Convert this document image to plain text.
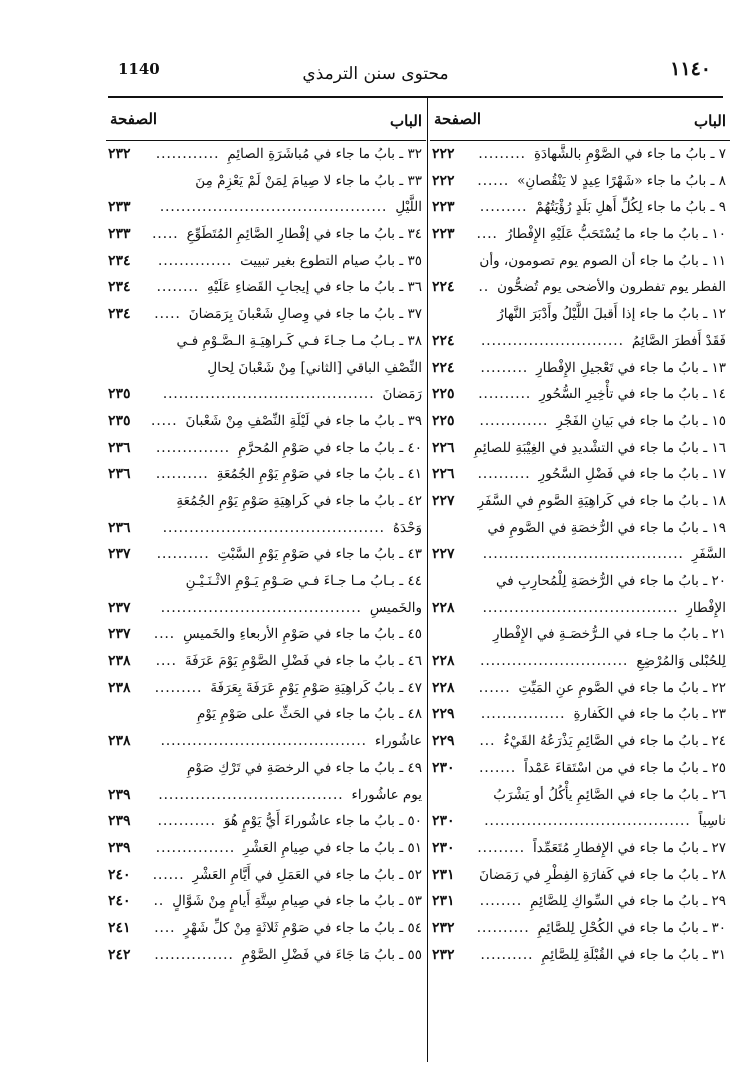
1140	محتوى سنن الترمذي	١١٤٠
الباب
الصفحة
٧ ـ بابُ ما جاء في الصَّوْمِ بالشَّهادَةِ
٢٢٢	.........
٨ ـ بابُ ما جاء «شَهْرًا عِيدٍ لا يَنْقُصانِ»
٢٢٢ ......
٩ ـ بابُ ما جاء لِكُلِّ أَهلِ بَلَدٍ رُؤْيَتُهُمْ
٢٢٣	.........
١٠ ـ بابُ ما جاء ما يُسْتَحَبُّ عَلَيْهِ الإِفْطارُ
٢٢٣ ....
١١ ـ بابُ ما جاء أن الصوم يوم تصومون، وأن
الفطر يوم تفطرون والأضحى يوم تُضحُّون
٢٢٤	..
١٢ ـ بابُ ما جاء إذا أَقبلَ اللَّيْلُ وأَدْبَرَ النَّهارُ
فَقَدْ أَفطرَ الصَّائِمُ
٢٢٤	...........................
١٣ ـ بابُ ما جاء في تَعْجيلِ الإِفْطارِ
٢٢٤	.........
١٤ ـ بابُ ما جاء في تأْخِيرِ السُّحُورِ
٢٢٥	..........
١٥ ـ بابُ ما جاء في بَيانِ الفَجْرِ
٢٢٥	.............
١٦ ـ بابُ ما جاء في التشْديدِ في الغِيْبَةِ للصائِمِ
٢٢٦
١٧ ـ بابُ ما جاء في فَضْلِ السَّحُورِ
٢٢٦ ..........
١٨ ـ بابُ ما جاء في كَراهِيَةِ الصَّومِ في السَّفَرِ
٢٢٧
١٩ ـ بابُ ما جاء في الرُّخصَةِ في الصَّومِ في
السَّفَرِ
٢٢٧	......................................
٢٠ ـ بابُ ما جاء في الرُّخصَةِ لِلْمُحارِبِ في
الإِفْطارِ
٢٢٨	.....................................
٢١ ـ بابُ ما جـاء في الـرُّخصَـةِ في الإِفْطارِ
لِلحُبْلى وَالمُرْضِعِ
٢٢٨	............................
٢٢ ـ بابُ ما جاء في الصَّومِ عنِ المَيِّتِ
٢٢٨	......
٢٣ ـ بابُ ما جاء في الكَفارةِ
٢٢٩	................
٢٤ ـ بابُ ما جاء في الصَّائِمِ يَذْرَعُهُ القَيْءُ
٢٢٩	...
٢٥ ـ بابُ ما جاء في من اسْتَقاءَ عَمْداً
٢٣٠	.......
٢٦ ـ بابُ ما جاء في الصَّائِمِ يأْكُلُ أو يَشْرَبُ
ناسِياً
٢٣٠	.......................................
٢٧ ـ بابُ ما جاء في الإِفطارِ مُتَعَمِّداً
٢٣٠ .........
٢٨ ـ بابُ ما جاء في كَفارَةِ الفِطْرِ في رَمَضانَ
٢٣١
٢٩ ـ بابُ ما جاء في السِّواكِ لِلصَّائِمِ
٢٣١	........
٣٠ ـ بابُ ما جاء في الكُحْلِ لِلصَّائِمِ
٢٣٢ ..........
٣١ ـ بابُ ما جاء في القُبْلَةِ لِلصَّائِمِ
٢٣٢	..........
الباب
الصفحة
٣٢ ـ بابُ ما جاء في مُباشَرَةِ الصائِمِ
٢٣٢	............
٣٣ ـ بابُ ما جاء لا صِيامَ لِمَنْ لَمْ يَعْزِمْ مِنَ
اللَّيْلِ
٢٣٣	...........................................
٣٤ ـ بابُ ما جاء في إفْطارِ الصَّائِمِ المُتَطَوِّعِ
٢٣٣ .....
٣٥ ـ بابُ صيام التطوع بغير تبييت
٢٣٤	..............
٣٦ ـ بابُ ما جاء في إيجابِ القَضاءِ عَلَيْهِ
٢٣٤	........
٣٧ ـ بابُ ما جاء في وِصالِ شَعْبانَ بِرَمَضانَ
٢٣٤	.....
٣٨ ـ بـابُ مـا جـاءَ فـي كَـراهِيَـةِ الـصَّـوْمِ فـي
النِّصْفِ الباقي [الثاني] مِنْ شَعْبانَ لِحالِ
رَمَضانَ
٢٣٥	........................................
٣٩ ـ بابُ ما جاء في لَيْلَةِ النِّصْفِ مِنْ شَعْبانَ
٢٣٥ .....
٤٠ ـ بابُ ما جاء في صَوْمِ المُحرَّمِ
٢٣٦	..............
٤١ ـ بابُ ما جاء في صَوْمِ يَوْمِ الجُمُعَةِ
٢٣٦	..........
٤٢ ـ بابُ ما جاء في كَراهِيَةِ صَوْمِ يَوْمِ الجُمُعَةِ
وَحْدَهُ
٢٣٦	..........................................
٤٣ ـ بابُ ما جاء في صَوْمِ يَوْمِ السَّبْتِ
٢٣٧	..........
٤٤ ـ بـابُ مـا جـاءَ فـي صَـوْمِ يَـوْمِ الاثْـنَـيْـنِ
والخَميسِ
٢٣٧	......................................
٤٥ ـ بابُ ما جاء في صَوْمِ الأربعاءِ والخَميسِ
٢٣٧ ....
٤٦ ـ بابُ ما جاء في فَضْلِ الصَّوْمِ يَوْمَ عَرَفَةَ
٢٣٨	....
٤٧ ـ بابُ كَراهِيَةِ صَوْمِ يَوْمِ عَرَفَةَ بِعَرَفَةَ
٢٣٨	.........
٤٨ ـ بابُ ما جاء في الحَثِّ على صَوْمِ يَوْمِ
عاشُوراء
٢٣٨	.......................................
٤٩ ـ بابُ ما جاء في الرخصَةِ في تَرْكِ صَوْمِ
يوم عاشُوراء
٢٣٩	...................................
٥٠ ـ بابُ ما جاء عاشُوراءَ أَيُّ يَوْمٍ هُوَ
٢٣٩	...........
٥١ ـ بابُ ما جاء في صِيامِ العَشْرِ
٢٣٩	...............
٥٢ ـ بابُ ما جاء في العَمَلِ في أَيَّامِ العَشْرِ
٢٤٠ ......
٥٣ ـ بابُ ما جاء في صِيامِ سِتَّةِ أَيامٍ مِنْ شَوَّالٍ
٢٤٠ ..
٥٤ ـ بابُ ما جاء في صَوْمِ ثَلاثَةٍ مِنْ كلِّ شَهْرٍ
٢٤١	....
٥٥ ـ بابُ مَا جَاءَ في فَضْلِ الصَّوْمِ
٢٤٢	...............
